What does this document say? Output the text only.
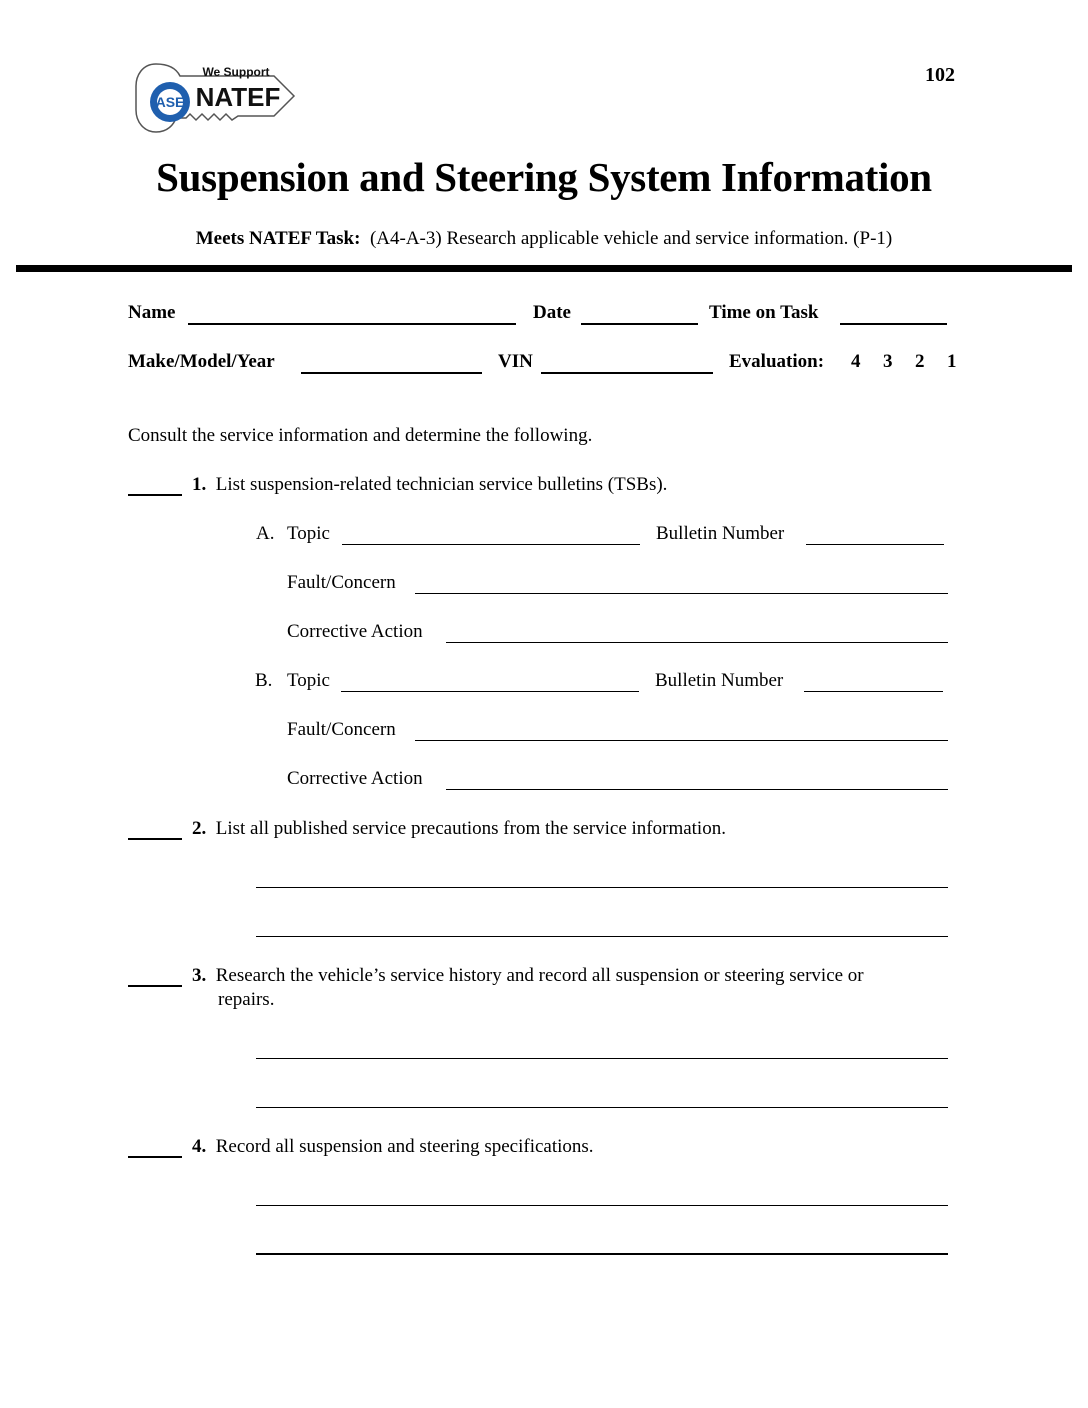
ASE
We Support
NATEF
102
Suspension and Steering System Information
Meets NATEF Task: (A4-A-3) Research applicable vehicle and service information. (P-1)
Name	Date	Time on Task
Make/Model/Year	VIN	Evaluation: 4 3 2 1
Consult the service information and determine the following.
1. List suspension-related technician service bulletins (TSBs).
A. Topic	Bulletin Number
Fault/Concern
Corrective Action
B. Topic	Bulletin Number
Fault/Concern
Corrective Action
2. List all published service precautions from the service information.
3. Research the vehicle’s service history and record all suspension or steering service or
repairs.
4. Record all suspension and steering specifications.
